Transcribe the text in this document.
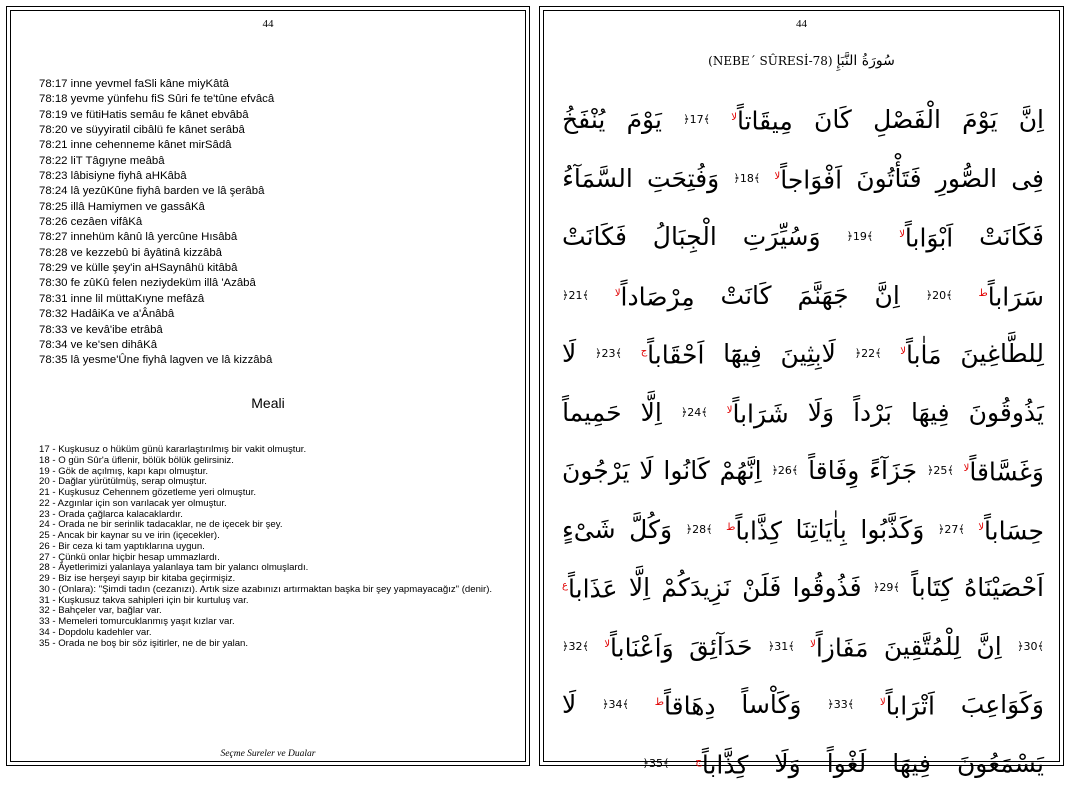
44
78:17 inne yevmel faSli kâne miyKâtâ
78:18 yevme yünfehu fiS Sûri fe te'tûne efvâcâ
78:19 ve fütiHatis semâu fe kânet ebvâbâ
78:20 ve süyyiratil cibâlü fe kânet serâbâ
78:21 inne cehenneme kânet mirSâdâ
78:22 liT Tâgıyne meâbâ
78:23 lâbisiyne fiyhâ aHKâbâ
78:24 lâ yezûKûne fiyhâ barden ve lâ şerâbâ
78:25 illâ Hamiymen ve gassâKâ
78:26 cezâen vifâKâ
78:27 innehüm kânû lâ yercûne Hısâbâ
78:28 ve kezzebû bi âyâtinâ kizzâbâ
78:29 ve külle şey'in aHSaynâhü kitâbâ
78:30 fe zûKû felen neziydeküm illâ 'Azâbâ
78:31 inne lil müttaKıyne mefâzâ
78:32 HadâiKa ve a'Ânâbâ
78:33 ve kevâ'ibe etrâbâ
78:34 ve ke'sen dihâKâ
78:35 lâ yesme'Ûne fiyhâ lagven ve lâ kizzâbâ
Meali
17 - Kuşkusuz o hüküm günü kararlaştırılmış bir vakit olmuştur.
18 - O gün Sûr'a üflenir, bölük bölük gelirsiniz.
19 - Gök de açılmış, kapı kapı olmuştur.
20 - Dağlar yürütülmüş, serap olmuştur.
21 - Kuşkusuz Cehennem gözetleme yeri olmuştur.
22 - Azgınlar için son varılacak yer olmuştur.
23 - Orada çağlarca kalacaklardır.
24 - Orada ne bir serinlik tadacaklar, ne de içecek bir şey.
25 - Ancak bir kaynar su ve irin (içecekler).
26 - Bir ceza ki tam yaptıklarına uygun.
27 - Çünkü onlar hiçbir hesap ummazlardı.
28 - Âyetlerimizi yalanlaya yalanlaya tam bir yalancı olmuşlardı.
29 - Biz ise herşeyi sayıp bir kitaba geçirmişiz.
30 - (Onlara): "Şimdi tadın (cezanızı). Artık size azabınızı artırmaktan başka bir şey yapmayacağız" (denir).
31 - Kuşkusuz takva sahipleri için bir kurtuluş var.
32 - Bahçeler var, bağlar var.
33 - Memeleri tomurcuklanmış yaşıt kızlar var.
34 - Dopdolu kadehler var.
35 - Orada ne boş bir söz işitirler, ne de bir yalan.
Seçme Sureler ve Dualar
44
(NEBE´ SÛRESİ-78) سُورَةُ النَّبَإِ
اِنَّ
يَوْمَ
الْفَصْلِ
كَانَ
مِيقَاتاً$^{لا}$
﴿17﴾
يَوْمَ
يُنْفَخُ
فِى
الصُّورِ
فَتَأْتُونَ
اَفْوَاجاً$^{لا}$
﴿18﴾
وَفُتِحَتِ
السَّمَآءُ
فَكَانَتْ
اَبْوَاباً$^{لا}$
﴿19﴾
وَسُيِّرَتِ
الْجِبَالُ
فَكَانَتْ
سَرَاباً$^ط$
﴿20﴾
اِنَّ
جَهَنَّمَ
كَانَتْ
مِرْصَاداً$^{لا}$
﴿21﴾
لِلطَّاغِينَ
مَاٰباً$^{لا}$
﴿22﴾
لَابِثِينَ
فِيهَٓا
اَحْقَاباً$^ج$
﴿23﴾
لَا
يَذُوقُونَ
فِيهَا
بَرْداً
وَلَا
شَرَاباً$^{لا}$
﴿24﴾
اِلَّا
حَمِيماً
وَغَسَّاقاً$^{لا}$
﴿25﴾
جَزَآءً
وِفَاقاً
﴿26﴾
اِنَّهُمْ
كَانُوا
لَا
يَرْجُونَ
حِسَاباً$^{لا}$
﴿27﴾
وَكَذَّبُوا
بِاٰيَاتِنَا
كِذَّاباً$^ط$
﴿28﴾
وَكُلَّ
شَیْءٍ
اَحْصَيْنَاهُ
كِتَاباً
﴿29﴾
فَذُوقُوا
فَلَنْ
نَزِيدَكُمْ
اِلَّا
عَذَاباً$^ع$
﴿30﴾
اِنَّ
لِلْمُتَّقِينَ
مَفَازاً$^{لا}$
﴿31﴾
حَدَآئِقَ
وَاَعْنَاباً$^{لا}$
﴿32﴾
وَكَوَاعِبَ
اَتْرَاباً$^{لا}$
﴿33﴾
وَكَاْساً
دِهَاقاً$^ط$
﴿34﴾
لَا
يَسْمَعُونَ
فِيهَا
لَغْواً
وَلَا
كِذَّاباً$^ج$
﴿35﴾
